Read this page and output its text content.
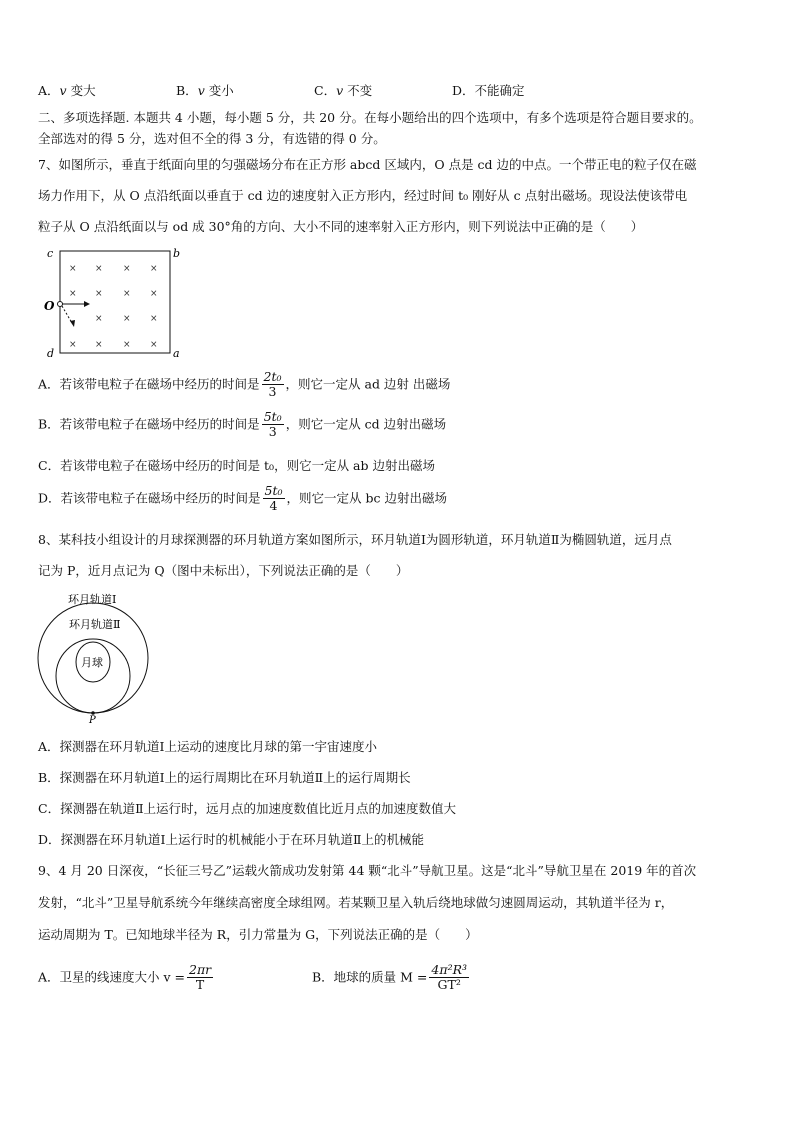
A．v 变大	B．v 变小	C．v 不变	D．不能确定
二、多项选择题. 本题共 4 小题，每小题 5 分，共 20 分。在每小题给出的四个选项中，有多个选项是符合题目要求的。
全部选对的得 5 分，选对但不全的得 3 分，有选错的得 0 分。
7、如图所示，垂直于纸面向里的匀强磁场分布在正方形 abcd 区域内，O 点是 cd 边的中点。一个带正电的粒子仅在磁
场力作用下，从 O 点沿纸面以垂直于 cd 边的速度射入正方形内，经过时间 t₀ 刚好从 c 点射出磁场。现设法使该带电
粒子从 O 点沿纸面以与 od 成 30°角的方向、大小不同的速率射入正方形内，则下列说法中正确的是（　　）
c	b
d	a
O
× × × ×
× × × ×
× ×
×
× × × ×
A．若该带电粒子在磁场中经历的时间是 $\frac{\text{2t₀}}{3}$ ，则它一定从 ad 边射 出磁场
B．若该带电粒子在磁场中经历的时间是 $\frac{\text{5t₀}}{3}$ ，则它一定从 cd 边射出磁场
C．若该带电粒子在磁场中经历的时间是 t₀，则它一定从 ab 边射出磁场
D．若该带电粒子在磁场中经历的时间是 $\frac{\text{5t₀}}{4}$ ，则它一定从 bc 边射出磁场
8、某科技小组设计的月球探测器的环月轨道方案如图所示，环月轨道Ⅰ为圆形轨道，环月轨道Ⅱ为椭圆轨道，远月点
记为 P，近月点记为 Q（图中未标出），下列说法正确的是（　　）
环月轨道Ⅰ
环月轨道Ⅱ
月球
P
A．探测器在环月轨道Ⅰ上运动的速度比月球的第一宇宙速度小
B．探测器在环月轨道Ⅰ上的运行周期比在环月轨道Ⅱ上的运行周期长
C．探测器在轨道Ⅱ上运行时，远月点的加速度数值比近月点的加速度数值大
D．探测器在环月轨道Ⅰ上运行时的机械能小于在环月轨道Ⅱ上的机械能
9、4 月 20 日深夜，“长征三号乙”运载火箭成功发射第 44 颗“北斗”导航卫星。这是“北斗”导航卫星在 2019 年的首次
发射，“北斗”卫星导航系统今年继续高密度全球组网。若某颗卫星入轨后绕地球做匀速圆周运动，其轨道半径为 r，
运动周期为 T。已知地球半径为 R，引力常量为 G，下列说法正确的是（　　）
A．卫星的线速度大小 $v = \frac{2\pi r}{T}$	B．地球的质量 $M = \frac{\text{4π²R³}}{\text{GT²}}$
